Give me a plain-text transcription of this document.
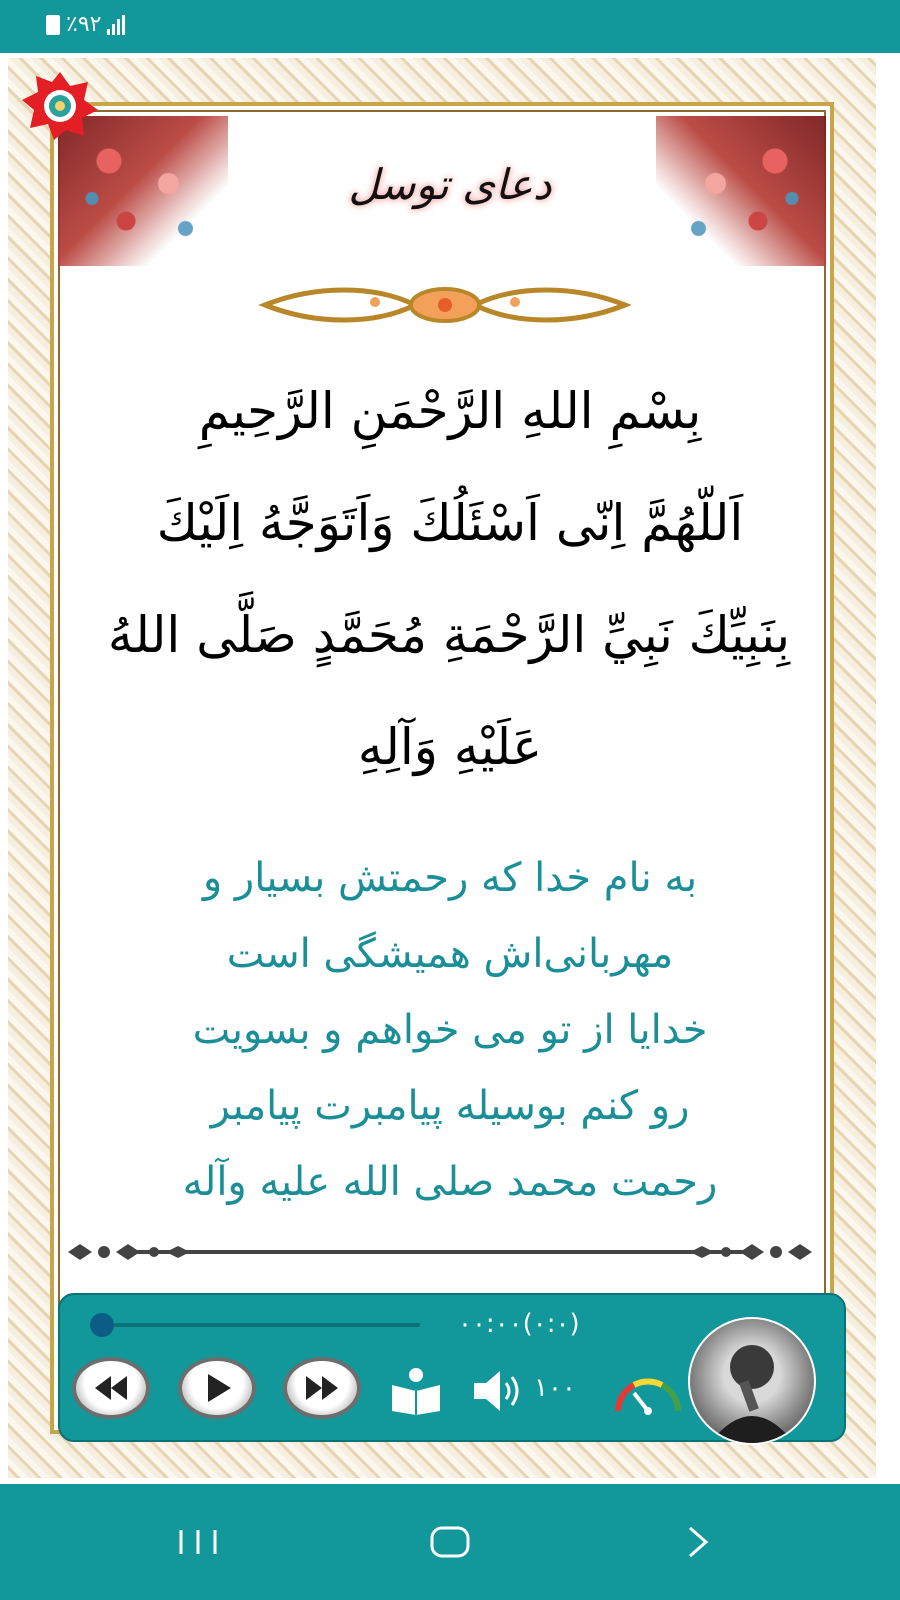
٪۹۲
دعای توسل
بِسْمِ اللهِ الرَّحْمَنِ الرَّحِيمِ
اَللّهُمَّ اِنّى اَسْئَلُكَ وَاَتَوَجَّهُ اِلَيْكَ
بِنَبِيِّكَ نَبِيِّ الرَّحْمَةِ مُحَمَّدٍ صَلَّى اللهُ
عَلَيْهِ وَآلِهِ
به نام خدا که رحمتش بسیار و
مهربانی‌اش همیشگی است
خدایا از تو می خواهم و بسویت
رو کنم بوسیله پیامبرت پیامبر
رحمت محمد صلی الله علیه وآله
۰۰:۰۰(۰:۰)
۱۰۰
